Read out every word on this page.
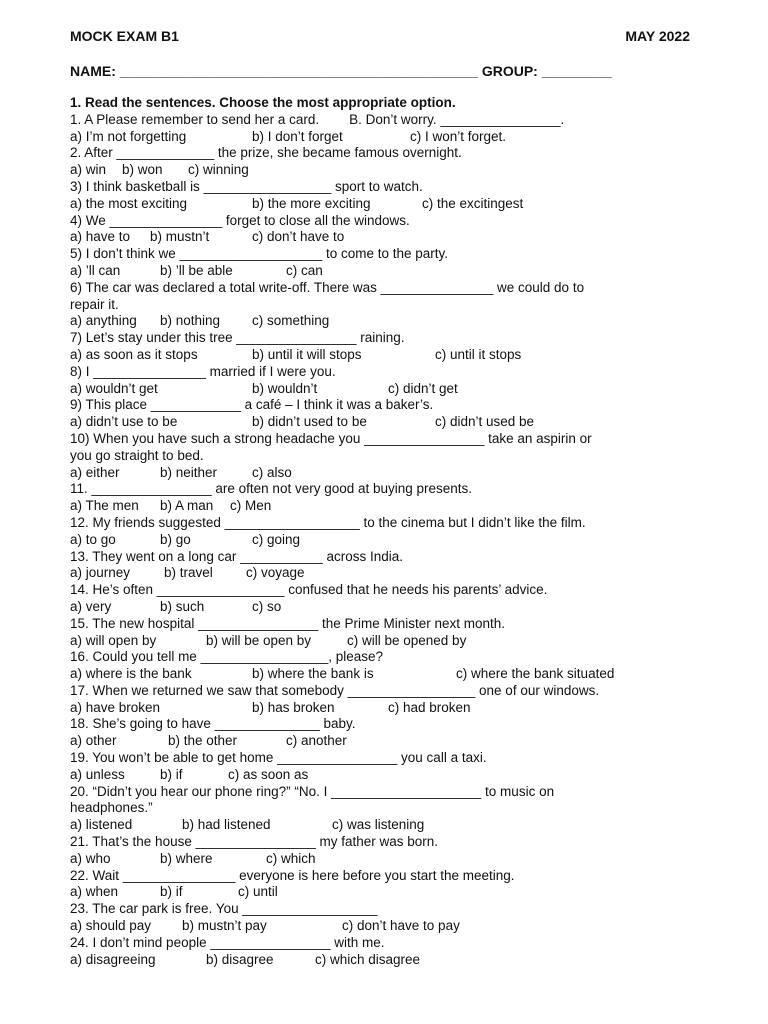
MOCK EXAM B1	MAY 2022
NAME: ______________________________________________ GROUP: _________
1. Read the sentences. Choose the most appropriate option.
1. A Please remember to send her a card.        B. Don’t worry. ________________.
a) I’m not forgetting	b) I don’t forget	c) I won’t forget.
2. After _____________ the prize, she became famous overnight.
a) win b) won c) winning
3) I think basketball is _________________ sport to watch.
a) the most exciting	b) the more exciting	c) the excitingest
4) We _______________ forget to close all the windows.
a) have to b) mustn’t	c) don’t have to
5) I don’t think we ___________________ to come to the party.
a) ’ll can	b) ’ll be able	c) can
6) The car was declared a total write-off. There was _______________ we could do to
repair it.
a) anything b) nothing c) something
7) Let’s stay under this tree ________________ raining.
a) as soon as it stops	b) until it will stops	c) until it stops
8) I _______________ married if I were you.
a) wouldn’t get	b) wouldn’t	c) didn’t get
9) This place ____________ a café – I think it was a baker’s.
a) didn’t use to be	b) didn’t used to be	c) didn’t used be
10) When you have such a strong headache you ________________ take an aspirin or
you go straight to bed.
a) either	b) neither	c) also
11. ________________ are often not very good at buying presents.
a) The men b) A man c) Men
12. My friends suggested __________________ to the cinema but I didn’t like the film.
a) to go	b) go	c) going
13. They went on a long car ___________ across India.
a) journey	b) travel c) voyage
14. He’s often _________________ confused that he needs his parents’ advice.
a) very	b) such	c) so
15. The new hospital ________________ the Prime Minister next month.
a) will open by	b) will be open by	c) will be opened by
16. Could you tell me _________________, please?
a) where is the bank	b) where the bank is	c) where the bank situated
17. When we returned we saw that somebody _________________ one of our windows.
a) have broken	b) has broken	c) had broken
18. She’s going to have ______________ baby.
a) other	b) the other	c) another
19. You won’t be able to get home ________________ you call a taxi.
a) unless	b) if	c) as soon as
20. “Didn’t you hear our phone ring?” “No. I ____________________ to music on
headphones.”
a) listened	b) had listened	c) was listening
21. That’s the house ________________ my father was born.
a) who	b) where	c) which
22. Wait _______________ everyone is here before you start the meeting.
a) when	b) if	c) until
23. The car park is free. You __________________
a) should pay b) mustn’t pay	c) don’t have to pay
24. I don’t mind people ________________ with me.
a) disagreeing	b) disagree	c) which disagree
